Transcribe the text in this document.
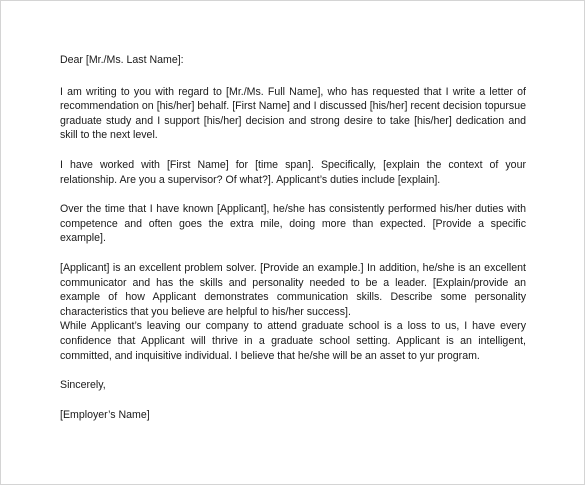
Dear [Mr./Ms. Last Name]:

I am writing to you with regard to [Mr./Ms. Full Name], who has requested that I write a letter of recommendation on [his/her] behalf. [First Name] and I discussed [his/her] recent decision topursue graduate study and I support [his/her] decision and strong desire to take [his/her] dedication and skill to the next level.

I have worked with [First Name] for [time span]. Specifically, [explain the context of your relationship. Are you a supervisor? Of what?]. Applicant’s duties include [explain].

Over the time that I have known [Applicant], he/she has consistently performed his/her duties with competence and often goes the extra mile, doing more than expected. [Provide a specific example].

[Applicant] is an excellent problem solver. [Provide an example.] In addition, he/she is an excellent communicator and has the skills and personality needed to be a leader. [Explain/provide an example of how Applicant demonstrates communication skills. Describe some personality characteristics that you believe are helpful to his/her success].

While Applicant’s leaving our company to attend graduate school is a loss to us, I have every confidence that Applicant will thrive in a graduate school setting. Applicant is an intelligent, committed, and inquisitive individual. I believe that he/she will be an asset to yur program.

Sincerely,

[Employer’s Name]
